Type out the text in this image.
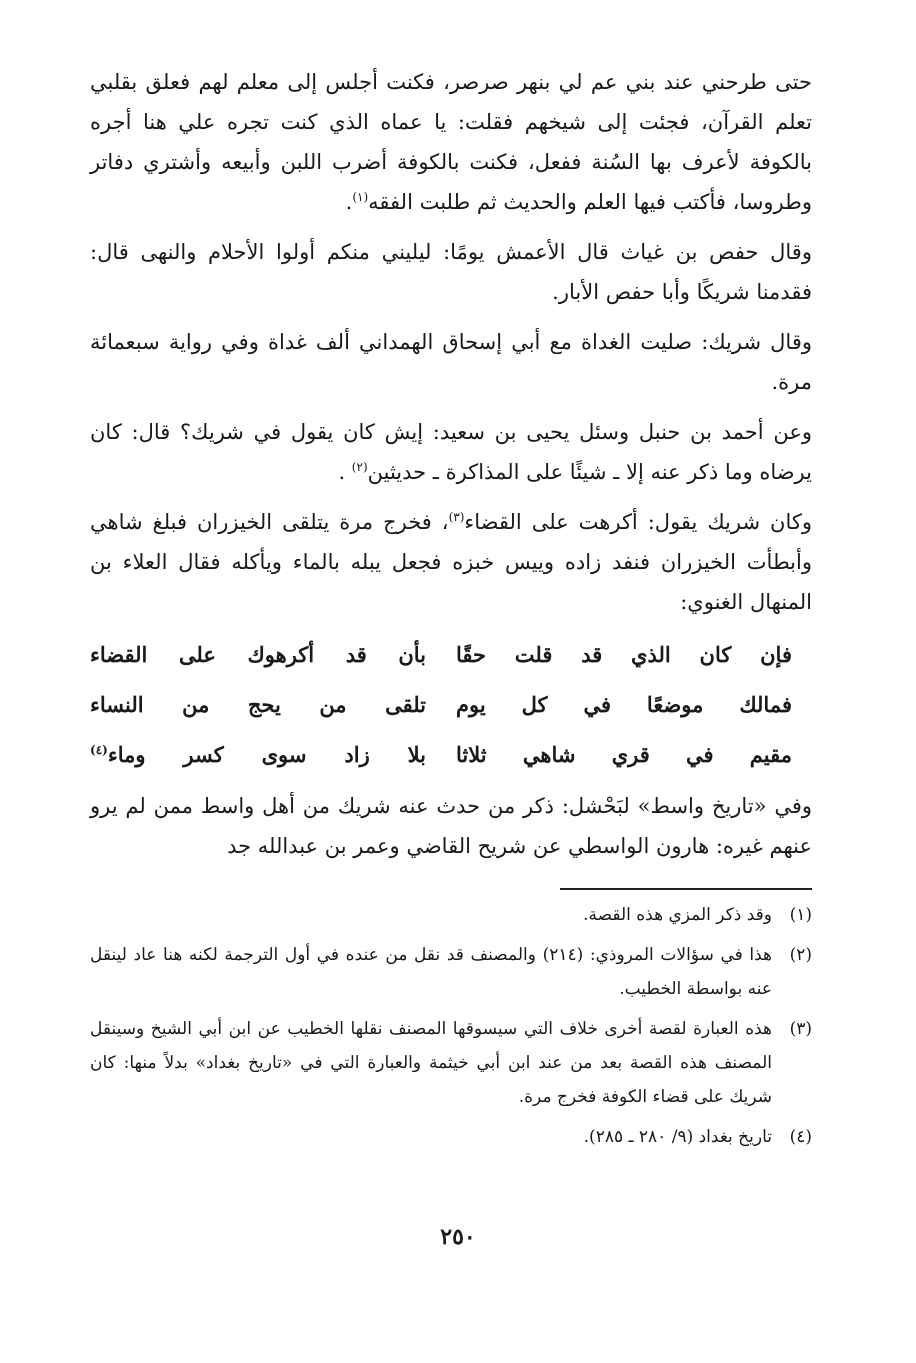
حتى طرحني عند بني عم لي بنهر صرصر، فكنت أجلس إلى معلم لهم فعلق بقلبي تعلم القرآن، فجئت إلى شيخهم فقلت: يا عماه الذي كنت تجره علي هنا أجره بالكوفة لأعرف بها السُنة ففعل، فكنت بالكوفة أضرب اللبن وأبيعه وأشتري دفاتر وطروسا، فأكتب فيها العلم والحديث ثم طلبت الفقه$^{(١)}$.

وقال حفص بن غياث قال الأعمش يومًا: ليليني منكم أولوا الأحلام والنهى قال: فقدمنا شريكًا وأبا حفص الأبار.

وقال شريك: صليت الغداة مع أبي إسحاق الهمداني ألف غداة وفي رواية سبعمائة مرة.

وعن أحمد بن حنبل وسئل يحيى بن سعيد: إيش كان يقول في شريك؟ قال: كان يرضاه وما ذكر عنه إلا ـ شيئًا على المذاكرة ـ حديثين$^{(٢)}$ .

وكان شريك يقول: أكرهت على القضاء$^{(٣)}$، فخرج مرة يتلقى الخيزران فبلغ شاهي وأبطأت الخيزران فنفد زاده وييس خبزه فجعل يبله بالماء ويأكله فقال العلاء بن المنهال الغنوي:

فإن كان الذي قد قلت حقًا
بأن قد أكرهوك على القضاء
فمالك موضعًا في كل يوم
تلقى من يحج من النساء
مقيم في قري شاهي ثلاثا
بلا زاد سوى كسر وماء$^{(٤)}$

وفي «تاريخ واسط» لبَحْشل: ذكر من حدث عنه شريك من أهل واسط ممن لم يرو عنهم غيره: هارون الواسطي عن شريح القاضي وعمر بن عبدالله جد

(١)
وقد ذكر المزي هذه القصة.
(٢)
هذا في سؤالات المروذي: (٢١٤) والمصنف قد نقل من عنده في أول الترجمة لكنه هنا عاد لينقل عنه بواسطة الخطيب.
(٣)
هذه العبارة لقصة أخرى خلاف التي سيسوقها المصنف نقلها الخطيب عن ابن أبي الشيخ وسينقل المصنف هذه القصة بعد من عند ابن أبي خيثمة والعبارة التي في «تاريخ بغداد» بدلاً منها: كان شريك على قضاء الكوفة فخرج مرة.
(٤)
تاريخ بغداد (٩/ ٢٨٠ ـ ٢٨٥).
٢٥٠
